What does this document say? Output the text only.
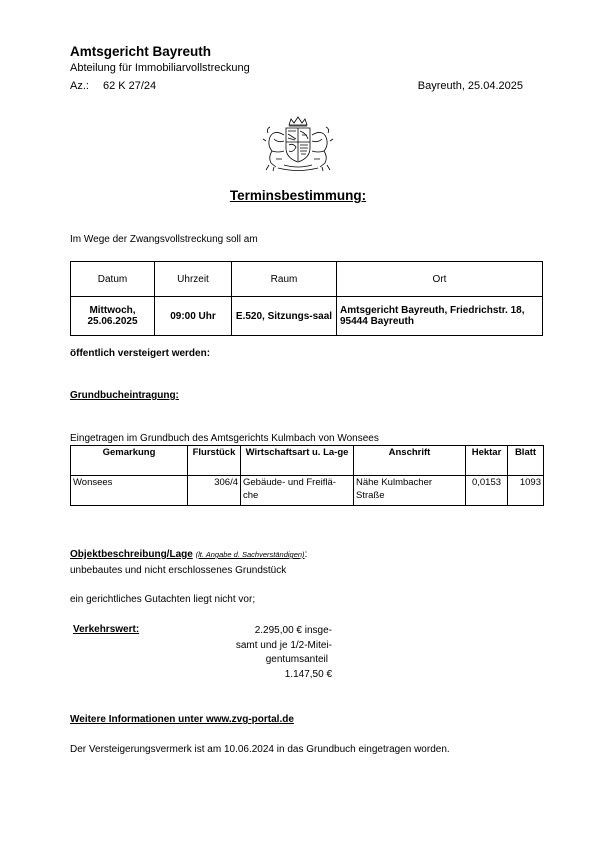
Amtsgericht Bayreuth
Abteilung für Immobiliarvollstreckung
Az.: 62 K 27/24	Bayreuth, 25.04.2025
Terminsbestimmung:
Im Wege der Zwangsvollstreckung soll am
Datum	Uhrzeit	Raum	Ort
Mittwoch, 25.06.2025	09:00 Uhr	E.520, Sitzungs-saal	Amtsgericht Bayreuth, Friedrichstr. 18, 95444 Bayreuth
öffentlich versteigert werden:
Grundbucheintragung:
Eingetragen im Grundbuch des Amtsgerichts Kulmbach von Wonsees
Gemarkung	Flurstück	Wirtschaftsart u. La-ge	Anschrift	Hektar	Blatt
Wonsees	306/4	Gebäude- und Freiflä-che	Nähe Kulmbacher Straße	0,0153	1093
Objektbeschreibung/Lage (lt. Angabe d. Sachverständigen):
unbebautes und nicht erschlossenes Grundstück
ein gerichtliches Gutachten liegt nicht vor;
Verkehrswert:	2.295,00 € insge-
samt und je 1/2-Mitei-
gentumsanteil
1.147,50 €
Weitere Informationen unter www.zvg-portal.de
Der Versteigerungsvermerk ist am 10.06.2024 in das Grundbuch eingetragen worden.
